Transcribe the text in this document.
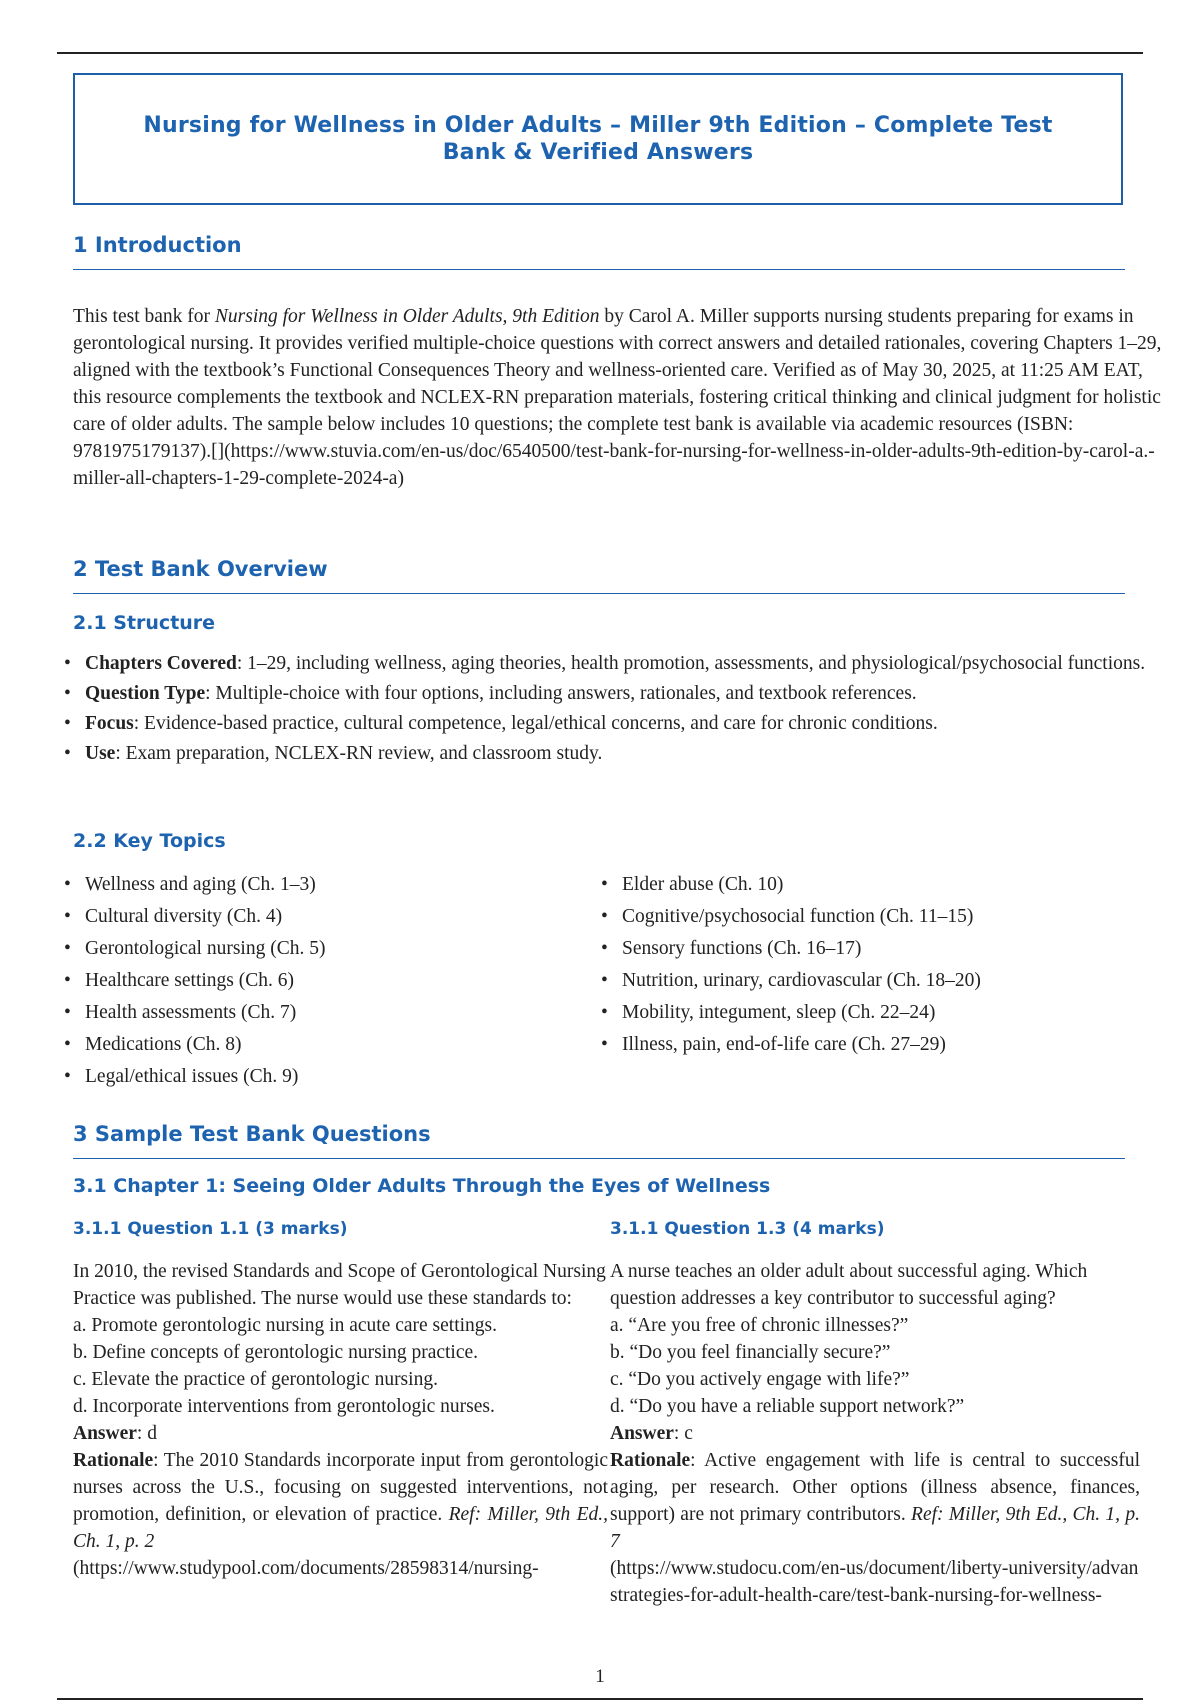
Nursing for Wellness in Older Adults – Miller 9th Edition – Complete Test Bank & Verified Answers
1 Introduction

This test bank for Nursing for Wellness in Older Adults, 9th Edition by Carol A. Miller supports nursing students preparing for exams in gerontological nursing. It provides verified multiple-choice questions with correct answers and detailed rationales, covering Chapters 1–29, aligned with the textbook’s Functional Consequences Theory and wellness-oriented care. Verified as of May 30, 2025, at 11:25 AM EAT, this resource complements the textbook and NCLEX-RN preparation materials, fostering critical thinking and clinical judgment for holistic care of older adults. The sample below includes 10 questions; the complete test bank is available via academic resources (ISBN: 9781975179137).[](https://www.stuvia.com/en-us/doc/6540500/test-bank-for-nursing-for-wellness-in-older-adults-9th-edition-by-carol-a.-miller-all-chapters-1-29-complete-2024-a)

2 Test Bank Overview
2.1 Structure
• Chapters Covered: 1–29, including wellness, aging theories, health promotion, assessments, and physiological/psychosocial functions.
• Question Type: Multiple-choice with four options, including answers, rationales, and textbook references.
• Focus: Evidence-based practice, cultural competence, legal/ethical concerns, and care for chronic conditions.
• Use: Exam preparation, NCLEX-RN review, and classroom study.
2.2 Key Topics
• Wellness and aging (Ch. 1–3)
• Cultural diversity (Ch. 4)
• Gerontological nursing (Ch. 5)
• Healthcare settings (Ch. 6)
• Health assessments (Ch. 7)
• Medications (Ch. 8)
• Legal/ethical issues (Ch. 9)
• Elder abuse (Ch. 10)
• Cognitive/psychosocial function (Ch. 11–15)
• Sensory functions (Ch. 16–17)
• Nutrition, urinary, cardiovascular (Ch. 18–20)
• Mobility, integument, sleep (Ch. 22–24)
• Illness, pain, end-of-life care (Ch. 27–29)
3 Sample Test Bank Questions
3.1 Chapter 1: Seeing Older Adults Through the Eyes of Wellness
3.1.1 Question 1.1 (3 marks)	3.1.1 Question 1.3 (4 marks)

In 2010, the revised Standards and Scope of Gerontological Nursing Practice was published. The nurse would use these standards to:

a. Promote gerontologic nursing in acute care settings.

b. Define concepts of gerontologic nursing practice.

c. Elevate the practice of gerontologic nursing.

d. Incorporate interventions from gerontologic nurses.

Answer: d

Rationale: The 2010 Standards incorporate input from gerontologic nurses across the U.S., focusing on suggested interventions, not promotion, definition, or elevation of practice. Ref: Miller, 9th Ed., Ch. 1, p. 2

(https://www.studypool.com/documents/28598314/nursing-

A nurse teaches an older adult about successful aging. Which question addresses a key contributor to successful aging?

a. “Are you free of chronic illnesses?”

b. “Do you feel financially secure?”

c. “Do you actively engage with life?”

d. “Do you have a reliable support network?”

Answer: c

Rationale: Active engagement with life is central to successful aging, per research. Other options (illness absence, finances, support) are not primary contributors. Ref: Miller, 9th Ed., Ch. 1, p. 7

(https://www.studocu.com/en-us/document/liberty-university/advan strategies-for-adult-health-care/test-bank-nursing-for-wellness-

1
